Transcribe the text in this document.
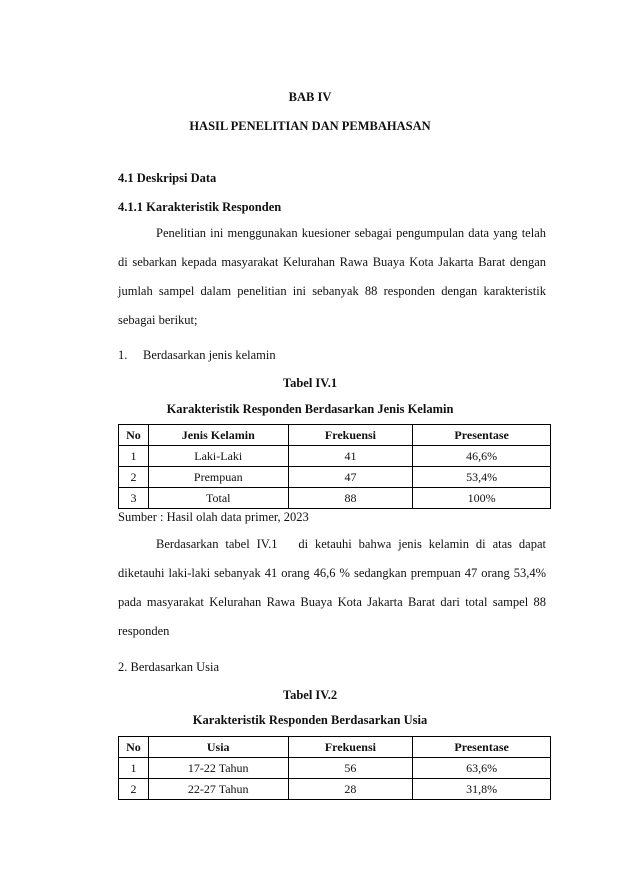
BAB IV
HASIL PENELITIAN DAN PEMBAHASAN
4.1 Deskripsi Data
4.1.1 Karakteristik Responden
Penelitian ini menggunakan kuesioner sebagai pengumpulan data yang telah
di sebarkan kepada masyarakat Kelurahan Rawa Buaya Kota Jakarta Barat dengan
jumlah sampel dalam penelitian ini sebanyak 88 responden dengan karakteristik
sebagai berikut;
1.     Berdasarkan jenis kelamin
Tabel IV.1
Karakteristik Responden Berdasarkan Jenis Kelamin
No	Jenis Kelamin	Frekuensi	Presentase
1	Laki-Laki	41	46,6%
2	Prempuan	47	53,4%
3	Total	88	100%
Sumber : Hasil olah data primer, 2023
Berdasarkan tabel IV.1   di ketauhi bahwa jenis kelamin di atas dapat
diketauhi laki-laki sebanyak 41 orang 46,6 % sedangkan prempuan 47 orang 53,4%
pada masyarakat Kelurahan Rawa Buaya Kota Jakarta Barat dari total sampel 88
responden
2. Berdasarkan Usia
Tabel IV.2
Karakteristik Responden Berdasarkan Usia
No	Usia	Frekuensi	Presentase
1	17-22 Tahun	56	63,6%
2	22-27 Tahun	28	31,8%
